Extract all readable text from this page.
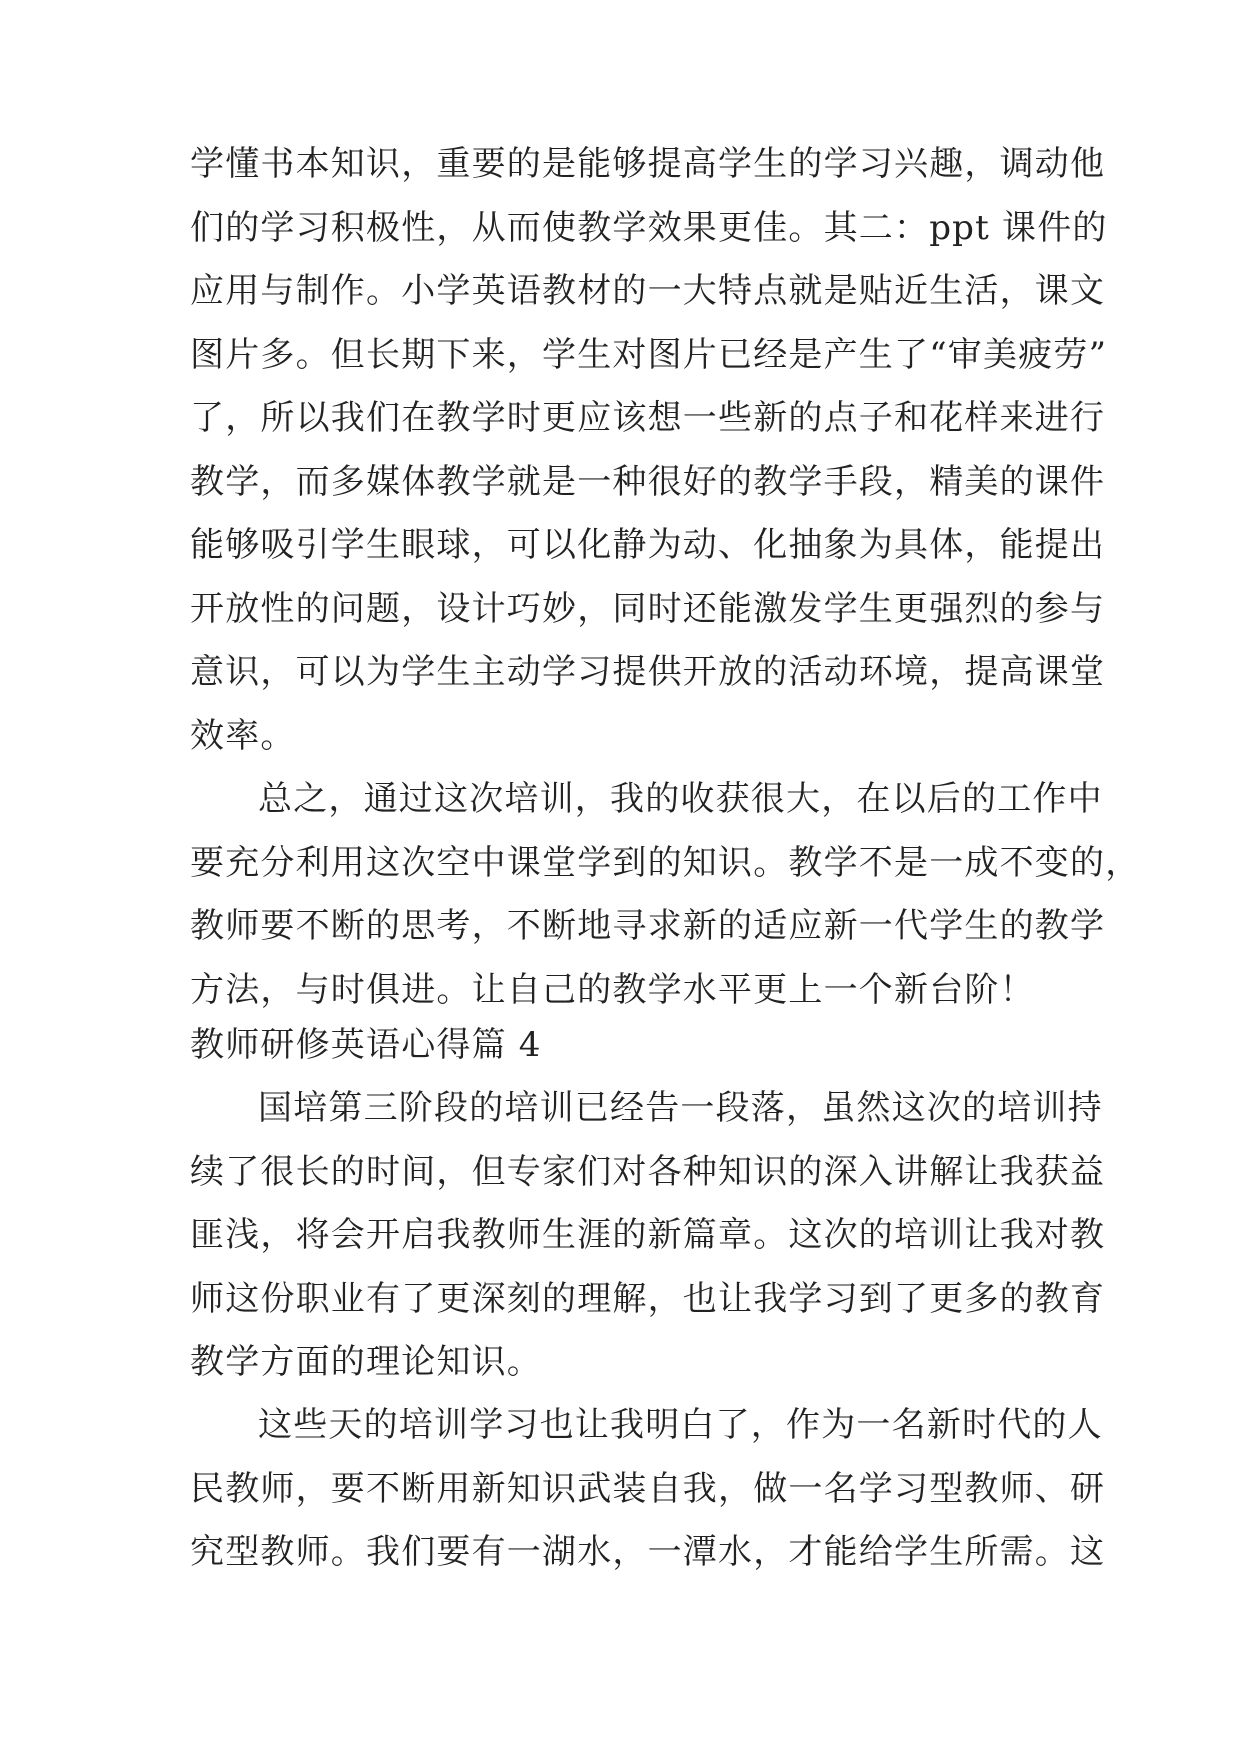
学懂书本知识，重要的是能够提高学生的学习兴趣，调动他
们的学习积极性，从而使教学效果更佳。其二：ppt 课件的
应用与制作。小学英语教材的一大特点就是贴近生活，课文
图片多。但长期下来，学生对图片已经是产生了“审美疲劳”
了，所以我们在教学时更应该想一些新的点子和花样来进行
教学，而多媒体教学就是一种很好的教学手段，精美的课件
能够吸引学生眼球，可以化静为动、化抽象为具体，能提出
开放性的问题，设计巧妙，同时还能激发学生更强烈的参与
意识，可以为学生主动学习提供开放的活动环境，提高课堂
效率。
总之，通过这次培训，我的收获很大，在以后的工作中
要充分利用这次空中课堂学到的知识。教学不是一成不变的，
教师要不断的思考，不断地寻求新的适应新一代学生的教学
方法，与时俱进。让自己的教学水平更上一个新台阶！
教师研修英语心得篇 4
国培第三阶段的培训已经告一段落，虽然这次的培训持
续了很长的时间，但专家们对各种知识的深入讲解让我获益
匪浅，将会开启我教师生涯的新篇章。这次的培训让我对教
师这份职业有了更深刻的理解，也让我学习到了更多的教育
教学方面的理论知识。
这些天的培训学习也让我明白了，作为一名新时代的人
民教师，要不断用新知识武装自我，做一名学习型教师、研
究型教师。我们要有一湖水，一潭水，才能给学生所需。这
